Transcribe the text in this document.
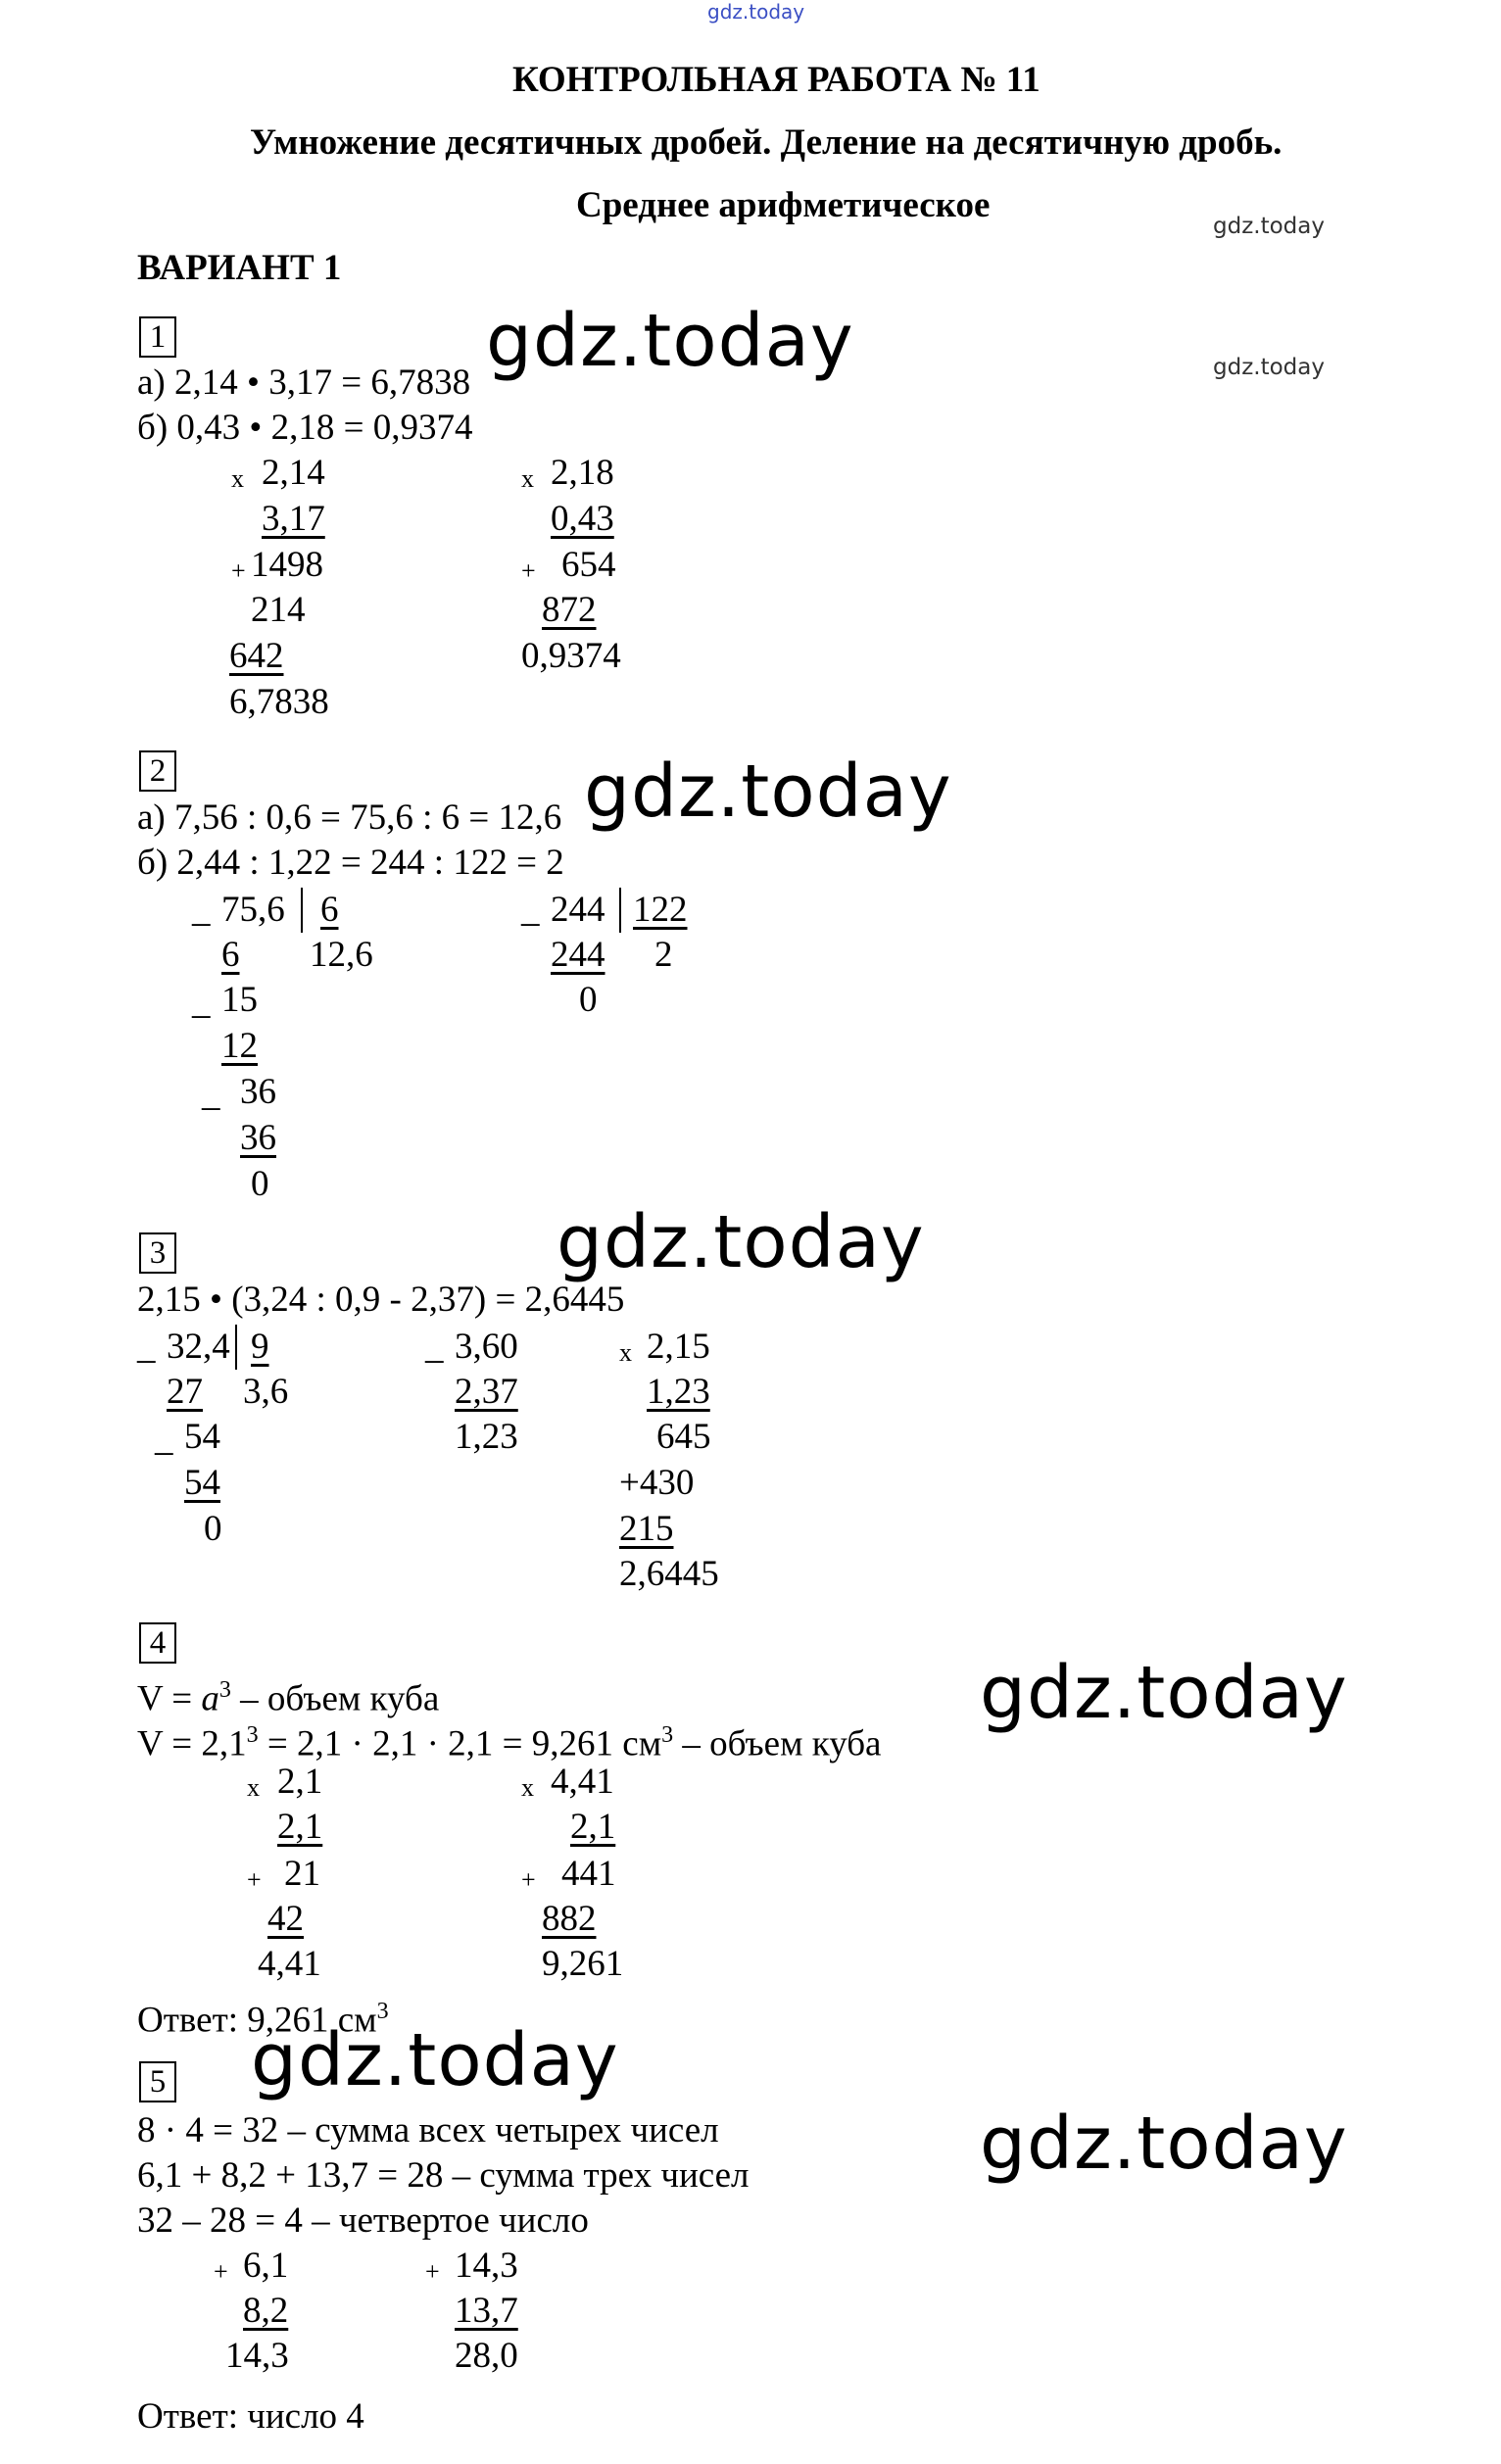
gdz.today
gdz.today
gdz.today
gdz.today
gdz.today
gdz.today
gdz.today
gdz.today
gdz.today
КОНТРОЛЬНАЯ РАБОТА № 11
Умножение десятичных дробей. Деление на десятичную дробь.
Среднее арифметическое
ВАРИАНТ 1
1
а) 2,14 • 3,17 = 6,7838
б) 0,43 • 2,18 = 0,9374
x 2,14
3,17
+ 1498
214
642
6,7838
x 2,18
0,43
+ 654
872
0,9374
2
а) 7,56 : 0,6 = 75,6 : 6 = 12,6
б) 2,44 : 1,22 = 244 : 122 = 2
_ 75,6 6
6 12,6
_ 15
12
_ 36
36
0
_ 244 122
244 2
0
3
2,15 • (3,24 : 0,9 - 2,37) = 2,6445
_ 32,4 9
27 3,6
_ 54
54
0
_ 3,60
2,37
1,23
x 2,15
1,23
645
+430
215
2,6445
4
$V = a^3$ – объем куба
$V = 2,1^3 = 2,1 \cdot 2,1 \cdot 2,1 = 9,261$ $см^3$ – объем куба
x 2,1
2,1
+ 21
42
4,41
x 4,41
2,1
+ 441
882
9,261
Ответ: 9,261 $см^3$
5
8 · 4 = 32 – сумма всех четырех чисел
6,1 + 8,2 + 13,7 = 28 – сумма трех чисел
32 – 28 = 4 – четвертое число
+ 6,1
8,2
14,3
+ 14,3
13,7
28,0
Ответ: число 4
